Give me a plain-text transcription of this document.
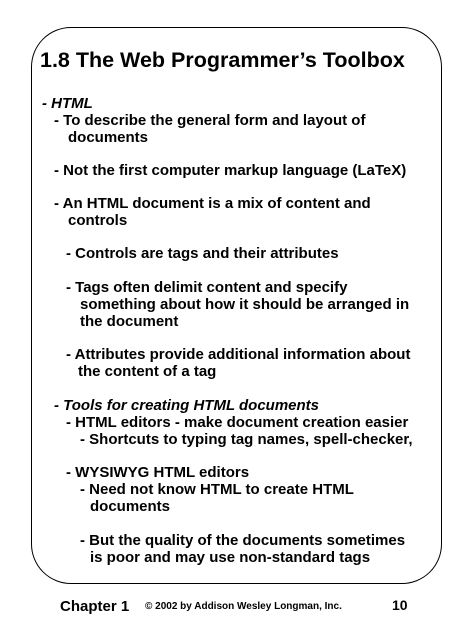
1.8 The Web Programmer’s Toolbox
- HTML
- To describe the general form and layout of
documents
- Not the first computer markup language (LaTeX)
- An HTML document is a mix of content and
controls
- Controls are tags and their attributes
- Tags often delimit content and specify
something about how it should be arranged in
the document
- Attributes provide additional information about
the content of a tag
- Tools for creating HTML documents
- HTML editors - make document creation easier
- Shortcuts to typing tag names, spell-checker,
- WYSIWYG HTML editors
- Need not know HTML to create HTML
documents
- But the quality of the documents sometimes
is poor and may use non-standard tags
Chapter 1 © 2002 by Addison Wesley Longman, Inc.	10
